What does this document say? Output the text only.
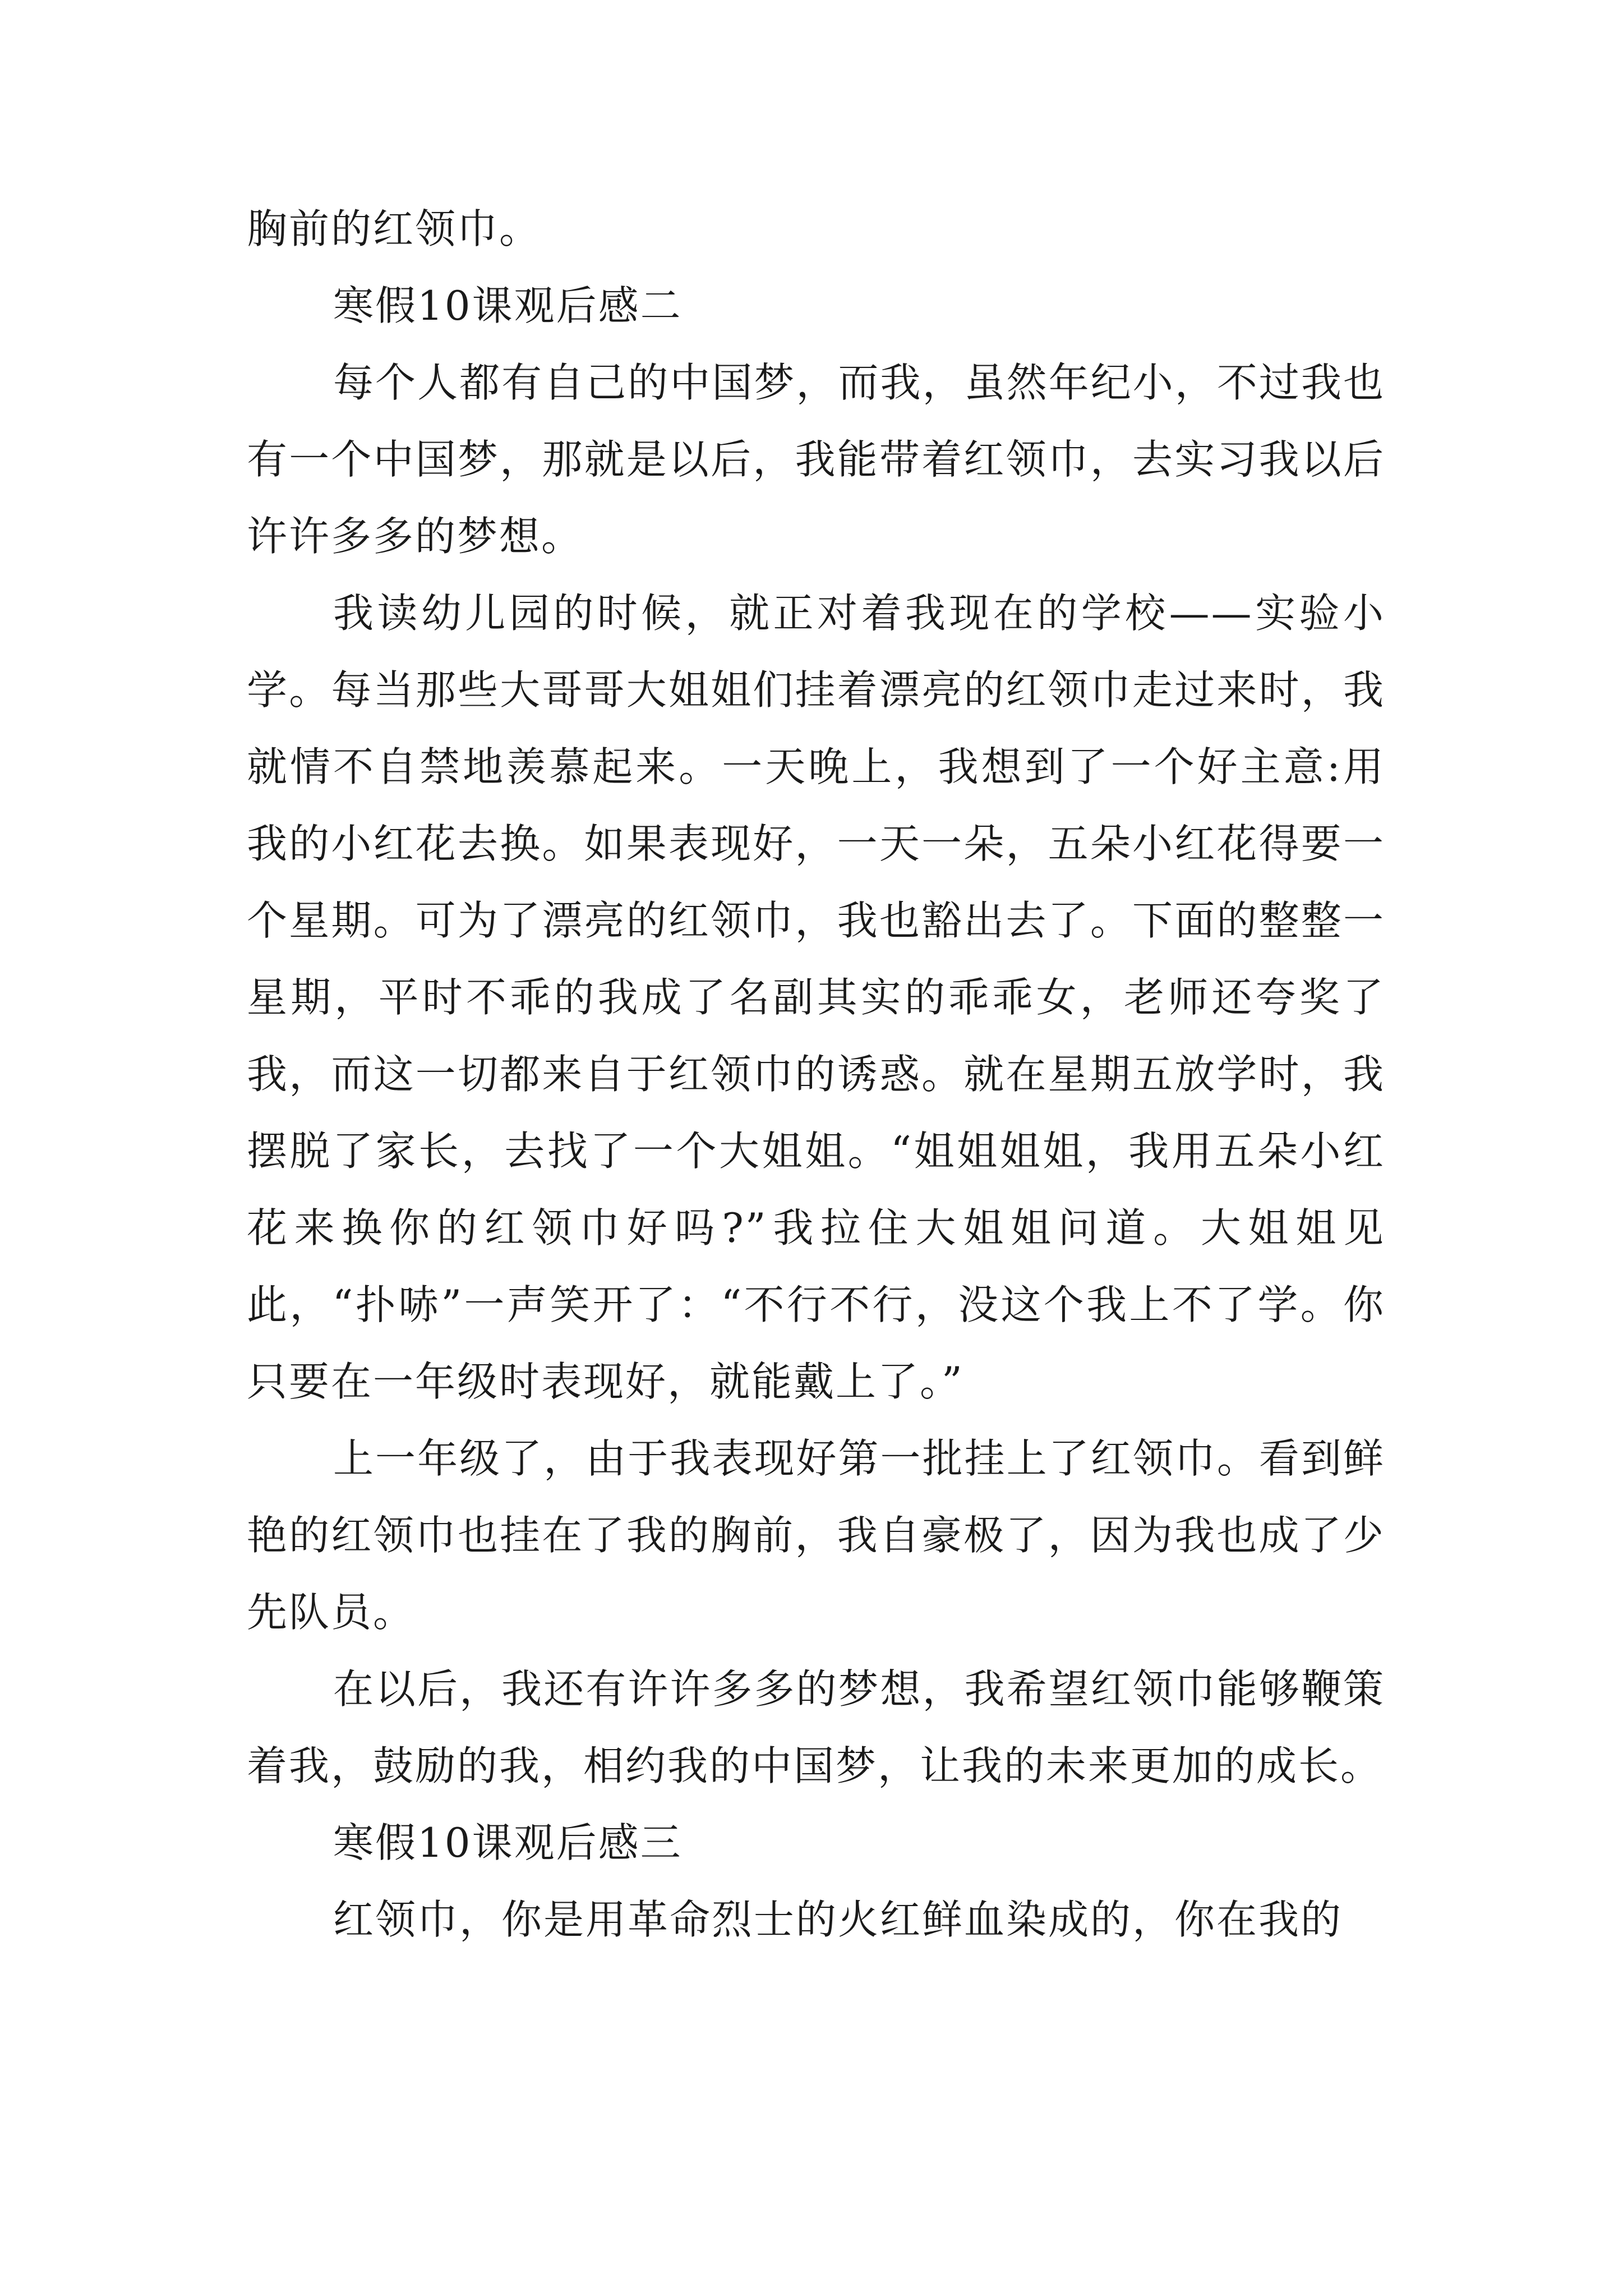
胸前的红领巾。

寒假10课观后感二

每个人都有自己的中国梦，而我，虽然年纪小，不过我也有一个中国梦，那就是以后，我能带着红领巾，去实习我以后许许多多的梦想。

我读幼儿园的时候，就正对着我现在的学校——实验小学。每当那些大哥哥大姐姐们挂着漂亮的红领巾走过来时，我就情不自禁地羡慕起来。一天晚上，我想到了一个好主意:用我的小红花去换。如果表现好，一天一朵，五朵小红花得要一个星期。可为了漂亮的红领巾，我也豁出去了。下面的整整一星期，平时不乖的我成了名副其实的乖乖女，老师还夸奖了我，而这一切都来自于红领巾的诱惑。就在星期五放学时，我摆脱了家长，去找了一个大姐姐。“姐姐姐姐，我用五朵小红花来换你的红领巾好吗?”我拉住大姐姐问道。大姐姐见此，“扑哧”一声笑开了：“不行不行，没这个我上不了学。你只要在一年级时表现好，就能戴上了。”

上一年级了，由于我表现好第一批挂上了红领巾。看到鲜艳的红领巾也挂在了我的胸前，我自豪极了，因为我也成了少先队员。

在以后，我还有许许多多的梦想，我希望红领巾能够鞭策着我，鼓励的我，相约我的中国梦，让我的未来更加的成长。

寒假10课观后感三

红领巾，你是用革命烈士的火红鲜血染成的，你在我的
